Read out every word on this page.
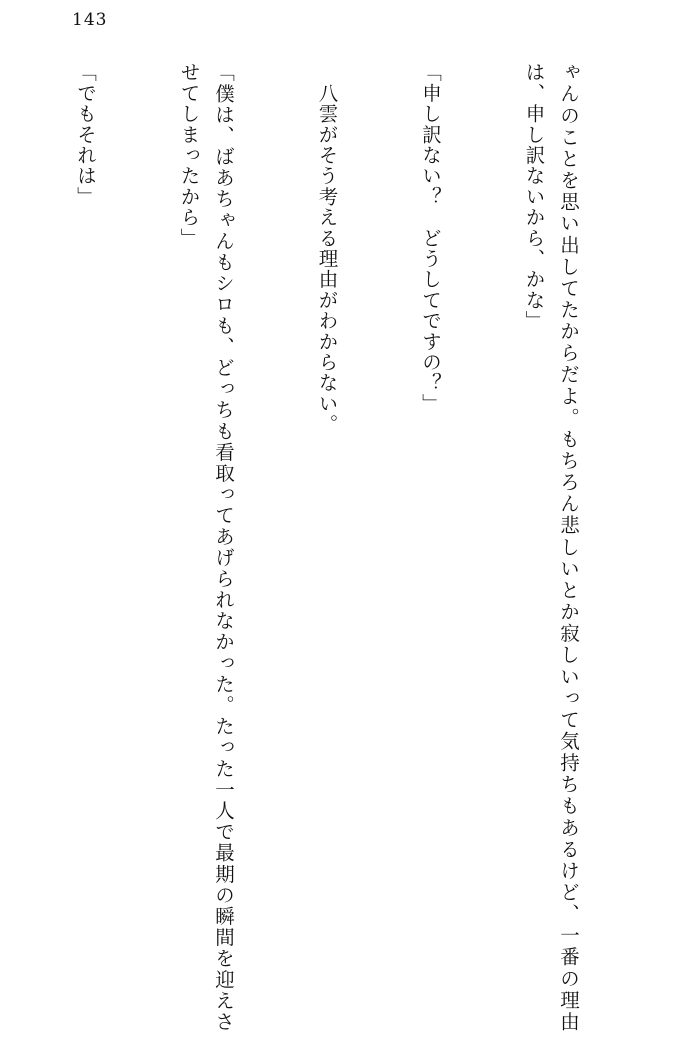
143

ゃんのことを思い出してたからだよ。もちろん悲しいとか寂しいって気持ちもあるけど、一番の理由は、申し訳ないから、かな」

「申し訳ない？　どうしてですの？」

　八雲がそう考える理由がわからない。

「僕は、ばあちゃんもシロも、どっちも看取ってあげられなかった。たった一人で最期の瞬間を迎えさせてしまったから」

「でもそれは」
